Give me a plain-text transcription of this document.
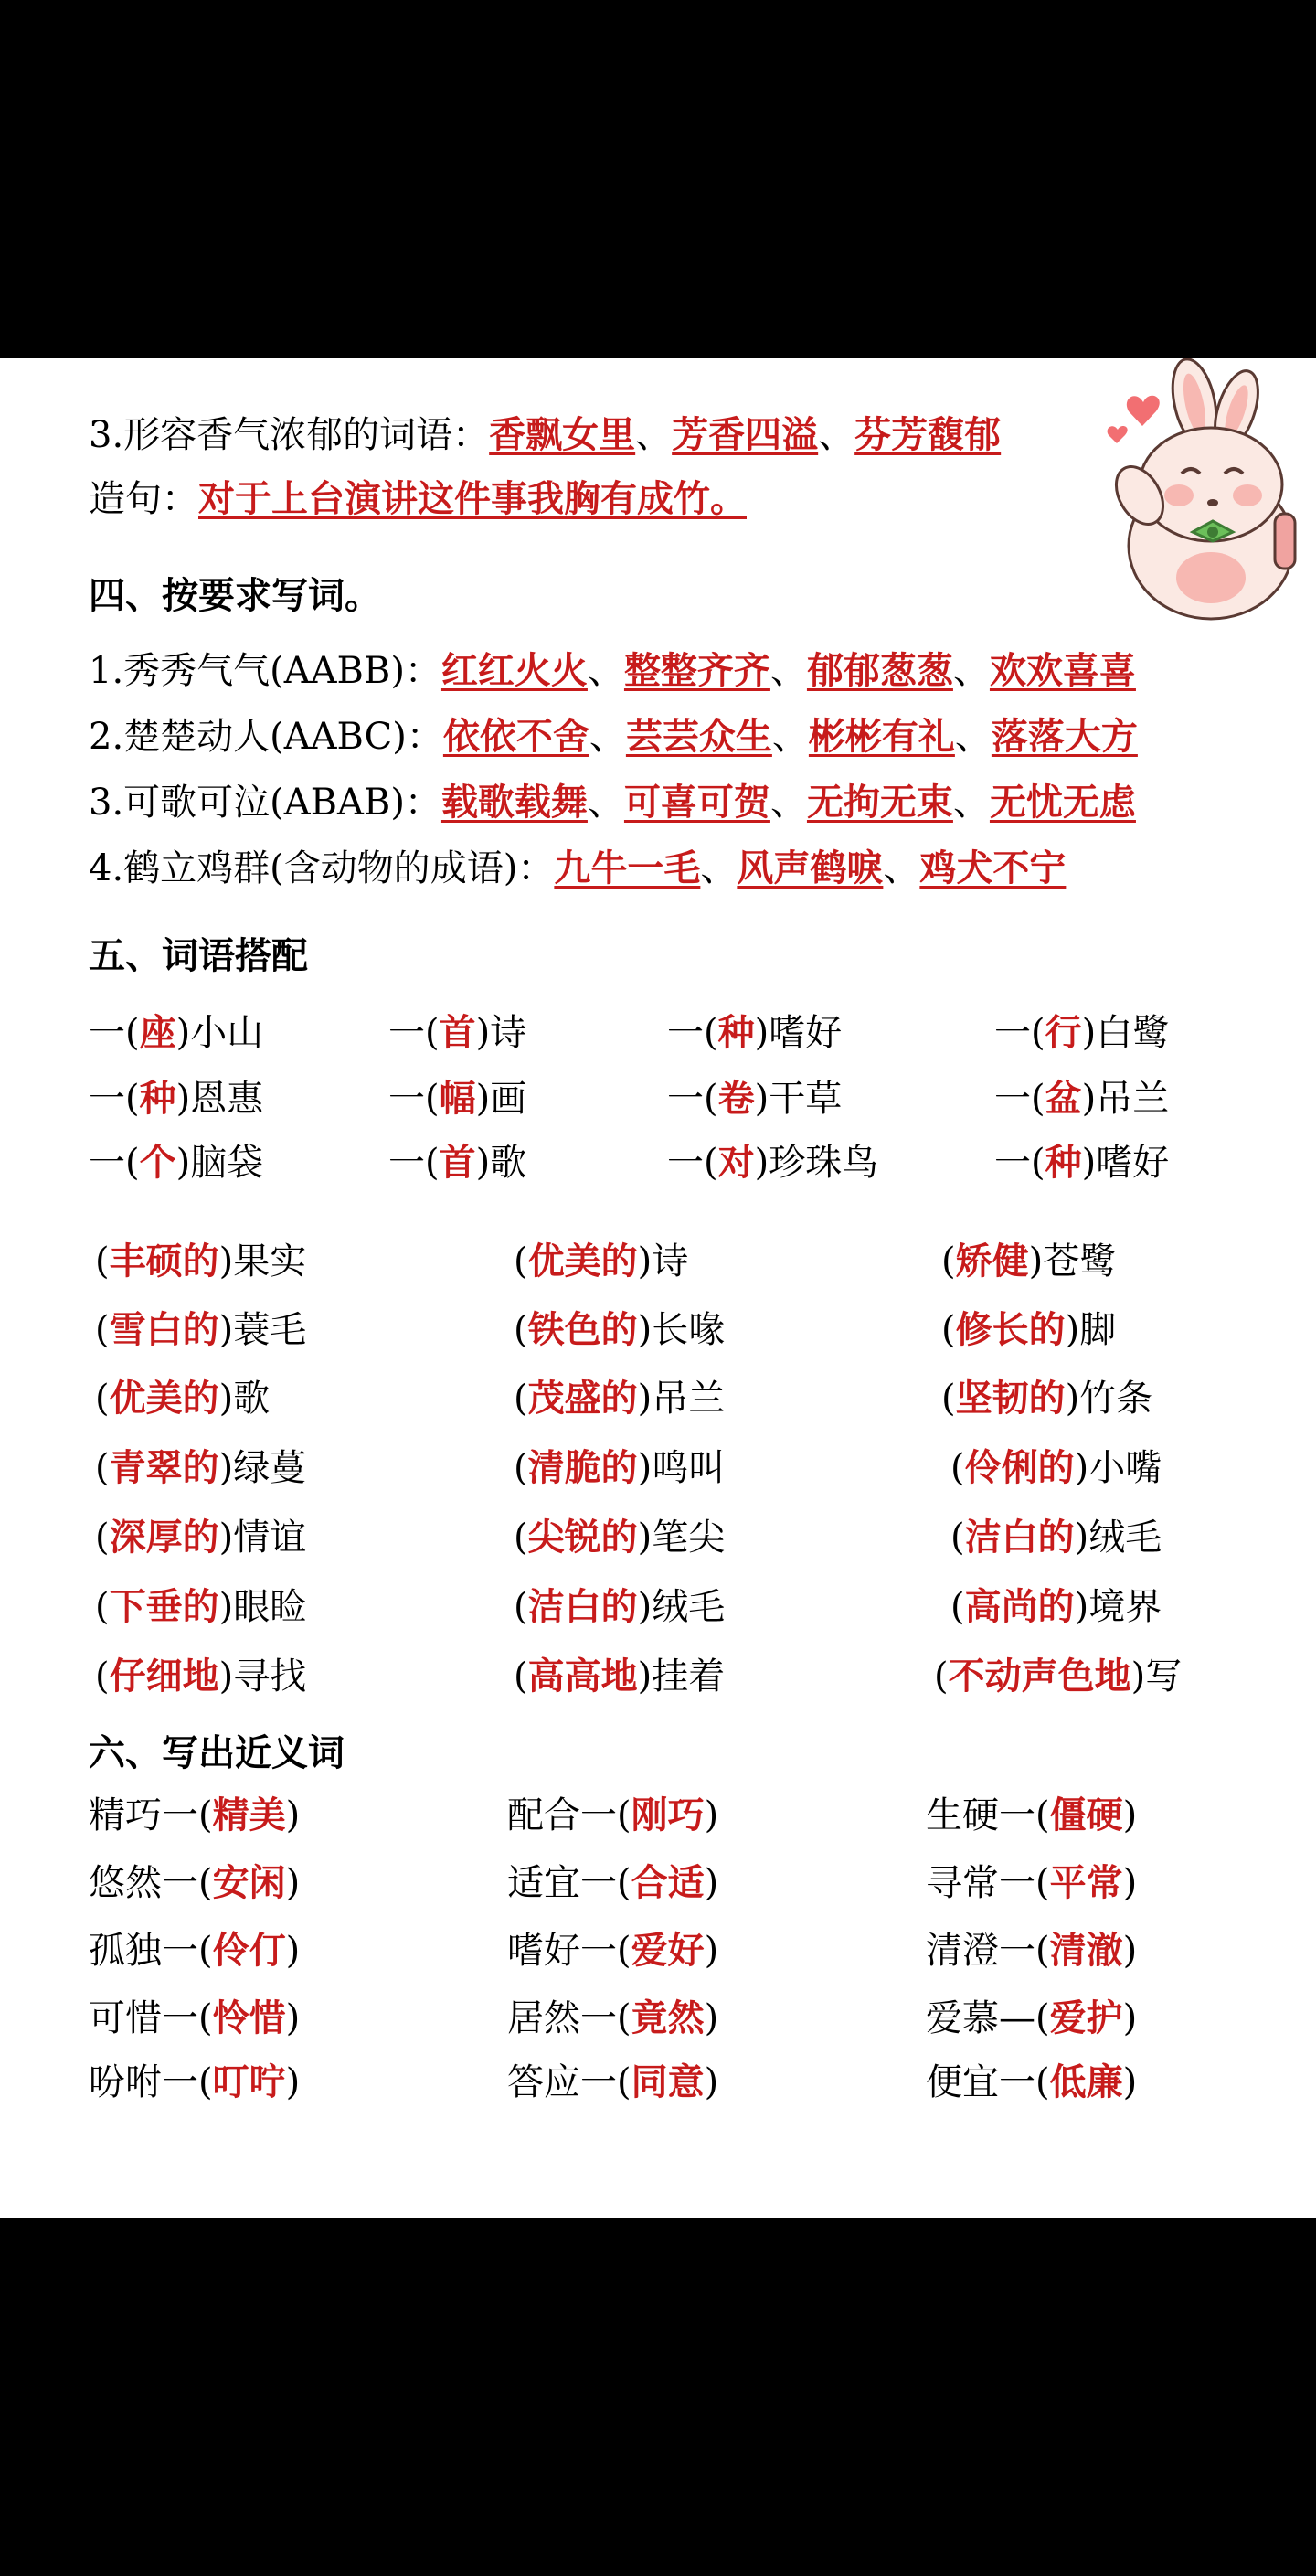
3.形容香气浓郁的词语：香飘女里、芳香四溢、芬芳馥郁
造句：对于上台演讲这件事我胸有成竹。
四、按要求写词。
1.秀秀气气(AABB)：红红火火、整整齐齐、郁郁葱葱、欢欢喜喜
2.楚楚动人(AABC)：依依不舍、芸芸众生、彬彬有礼、落落大方
3.可歌可泣(ABAB)：载歌载舞、可喜可贺、无拘无束、无忧无虑
4.鹤立鸡群(含动物的成语)：九牛一毛、风声鹤唳、鸡犬不宁
五、词语搭配
一(座)小山	一(首)诗	一(种)嗜好	一(行)白鹭
一(种)恩惠	一(幅)画	一(卷)干草	一(盆)吊兰
一(个)脑袋	一(首)歌	一(对)珍珠鸟	一(种)嗜好
(丰硕的)果实	(优美的)诗	(矫健)苍鹭
(雪白的)蓑毛	(铁色的)长喙	(修长的)脚
(优美的)歌	(茂盛的)吊兰	(坚韧的)竹条
(青翠的)绿蔓	(清脆的)鸣叫	(伶俐的)小嘴
(深厚的)情谊	(尖锐的)笔尖	(洁白的)绒毛
(下垂的)眼睑	(洁白的)绒毛	(高尚的)境界
(仔细地)寻找	(高高地)挂着	(不动声色地)写
六、写出近义词
精巧一(精美)	配合一(刚巧)	生硬一(僵硬)
悠然一(安闲)	适宜一(合适)	寻常一(平常)
孤独一(伶仃)	嗜好一(爱好)	清澄一(清澈)
可惜一(怜惜)	居然一(竟然)	爱慕—(爱护)
吩咐一(叮咛)	答应一(同意)	便宜一(低廉)
